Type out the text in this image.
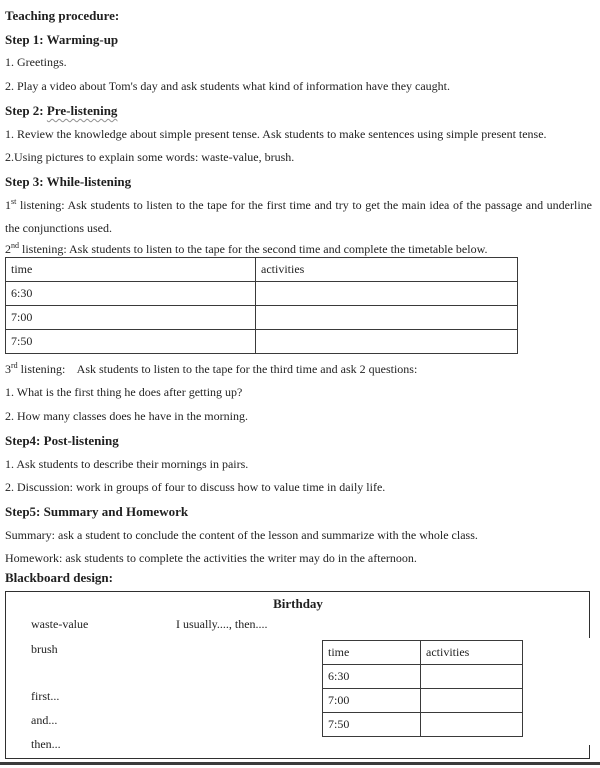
Teaching procedure:

Step 1: Warming-up

1. Greetings.

2. Play a video about Tom's day and ask students what kind of information have they caught.

Step 2: Pre-listening

1. Review the knowledge about simple present tense. Ask students to make sentences using simple present tense.

2.Using pictures to explain some words: waste-value, brush.

Step 3: While-listening

1st listening: Ask students to listen to the tape for the first time and try to get the main idea of the passage and underline the conjunctions used.

2nd listening: Ask students to listen to the tape for the second time and complete the timetable below.

time	activities
6:30	
7:00	
7:50	

3rd listening:    Ask students to listen to the tape for the third time and ask 2 questions:

1. What is the first thing he does after getting up?

2. How many classes does he have in the morning.

Step4: Post-listening

1. Ask students to describe their mornings in pairs.

2. Discussion: work in groups of four to discuss how to value time in daily life.

Step5: Summary and Homework

Summary: ask a student to conclude the content of the lesson and summarize with the whole class.

Homework: ask students to complete the activities the writer may do in the afternoon.

Blackboard design:

Birthday
waste-value	I usually...., then....
brush
first...
and...
then...
time	activities
6:30	
7:00	
7:50	
